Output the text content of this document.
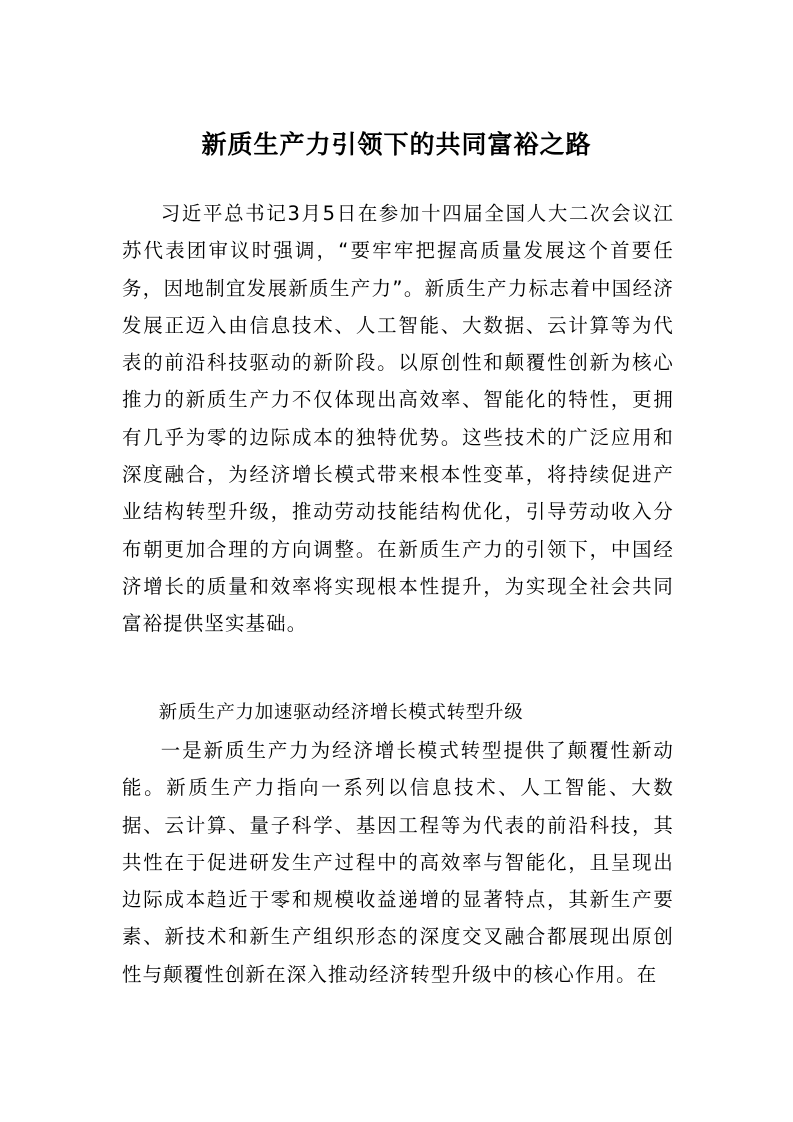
新质生产力引领下的共同富裕之路

习近平总书记3月5日在参加十四届全国人大二次会议江苏代表团审议时强调，“要牢牢把握高质量发展这个首要任务，因地制宜发展新质生产力”。新质生产力标志着中国经济发展正迈入由信息技术、人工智能、大数据、云计算等为代表的前沿科技驱动的新阶段。以原创性和颠覆性创新为核心推力的新质生产力不仅体现出高效率、智能化的特性，更拥有几乎为零的边际成本的独特优势。这些技术的广泛应用和深度融合，为经济增长模式带来根本性变革，将持续促进产业结构转型升级，推动劳动技能结构优化，引导劳动收入分布朝更加合理的方向调整。在新质生产力的引领下，中国经济增长的质量和效率将实现根本性提升，为实现全社会共同富裕提供坚实基础。

新质生产力加速驱动经济增长模式转型升级

一是新质生产力为经济增长模式转型提供了颠覆性新动能。新质生产力指向一系列以信息技术、人工智能、大数据、云计算、量子科学、基因工程等为代表的前沿科技，其共性在于促进研发生产过程中的高效率与智能化，且呈现出边际成本趋近于零和规模收益递增的显著特点，其新生产要素、新技术和新生产组织形态的深度交叉融合都展现出原创性与颠覆性创新在深入推动经济转型升级中的核心作用。在
